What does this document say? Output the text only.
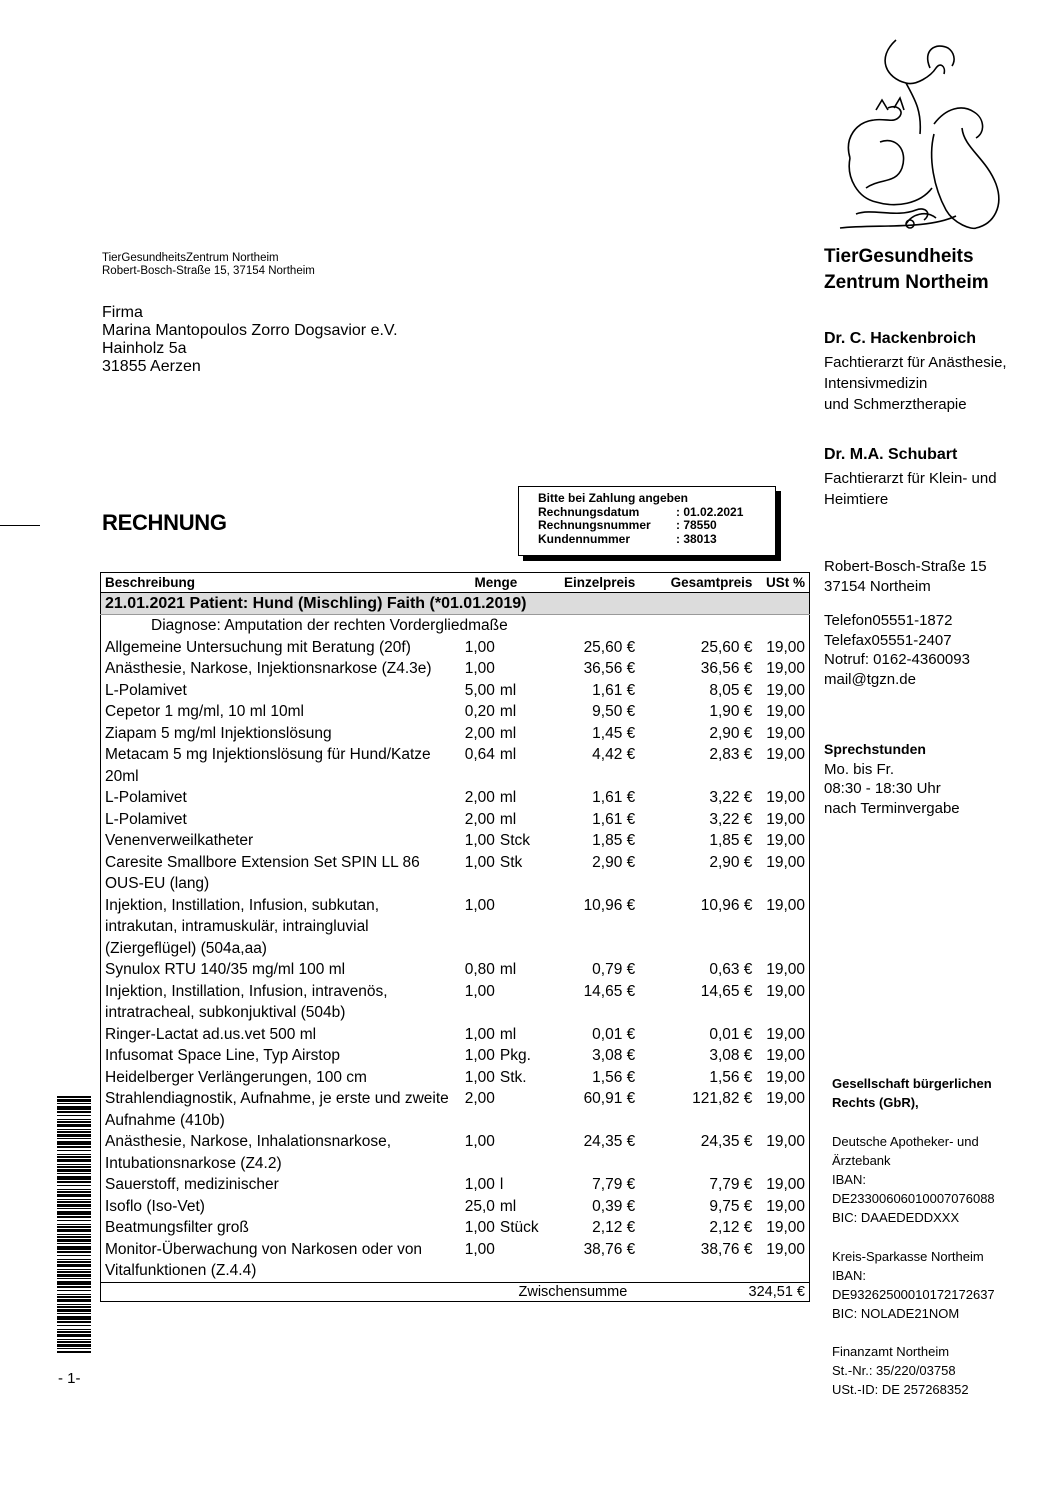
TierGesundheitsZentrum Northeim
Robert-Bosch-Straße 15, 37154 Northeim
Firma
Marina Mantopoulos Zorro Dogsavior e.V.
Hainholz 5a
31855 Aerzen
RECHNUNG
Bitte bei Zahlung angeben
Rechnungsdatum	: 01.02.2021
Rechnungsnummer	: 78550
Kundennummer	: 38013
TierGesundheits
Zentrum Northeim
Dr. C. Hackenbroich
Fachtierarzt für Anästhesie,
Intensivmedizin
und Schmerztherapie
Dr. M.A. Schubart
Fachtierarzt für Klein- und
Heimtiere
Robert-Bosch-Straße 15
37154 Northeim
Telefon05551-1872
Telefax05551-2407
Notruf: 0162-4360093
mail@tgzn.de
Sprechstunden
Mo. bis Fr.
08:30 - 18:30 Uhr
nach Terminvergabe
Gesellschaft bürgerlichen
Rechts (GbR),
Deutsche Apotheker- und
Ärztebank
IBAN:
DE23300606010007076088
BIC: DAAEDEDDXXX
Kreis-Sparkasse Northeim
IBAN:
DE93262500010172172637
BIC: NOLADE21NOM
Finanzamt Northeim
St.-Nr.: 35/220/03758
USt.-ID: DE 257268352
Beschreibung	Menge		Einzelpreis	Gesamtpreis	USt %
21.01.2021 Patient: Hund (Mischling) Faith (*01.01.2019)					
Diagnose: Amputation der rechten Vordergliedmaße					
Allgemeine Untersuchung mit Beratung (20f)	1,00		25,60 €	25,60 €	19,00
Anästhesie, Narkose, Injektionsnarkose (Z4.3e)	1,00		36,56 €	36,56 €	19,00
L-Polamivet	5,00	ml	1,61 €	8,05 €	19,00
Cepetor 1 mg/ml, 10 ml 10ml	0,20	ml	9,50 €	1,90 €	19,00
Ziapam 5 mg/ml Injektionslösung	2,00	ml	1,45 €	2,90 €	19,00
Metacam 5 mg Injektionslösung für Hund/Katze 20ml	0,64	ml	4,42 €	2,83 €	19,00
L-Polamivet	2,00	ml	1,61 €	3,22 €	19,00
L-Polamivet	2,00	ml	1,61 €	3,22 €	19,00
Venenverweilkatheter	1,00	Stck	1,85 €	1,85 €	19,00
Caresite Smallbore Extension Set SPIN LL 86 OUS-EU (lang)	1,00	Stk	2,90 €	2,90 €	19,00
Injektion, Instillation, Infusion, subkutan, intrakutan, intramuskulär, intraingluvial (Ziergeflügel) (504a,aa)	1,00		10,96 €	10,96 €	19,00
Synulox RTU 140/35 mg/ml 100 ml	0,80	ml	0,79 €	0,63 €	19,00
Injektion, Instillation, Infusion, intravenös, intratracheal, subkonjuktival (504b)	1,00		14,65 €	14,65 €	19,00
Ringer-Lactat ad.us.vet 500 ml	1,00	ml	0,01 €	0,01 €	19,00
Infusomat Space Line, Typ Airstop	1,00	Pkg.	3,08 €	3,08 €	19,00
Heidelberger Verlängerungen, 100 cm	1,00	Stk.	1,56 €	1,56 €	19,00
Strahlendiagnostik, Aufnahme, je erste und zweite Aufnahme (410b)	2,00		60,91 €	121,82 €	19,00
Anästhesie, Narkose, Inhalationsnarkose, Intubationsnarkose (Z4.2)	1,00		24,35 €	24,35 €	19,00
Sauerstoff, medizinischer	1,00	l	7,79 €	7,79 €	19,00
Isoflo (Iso-Vet)	25,0	ml	0,39 €	9,75 €	19,00
Beatmungsfilter groß	1,00	Stück	2,12 €	2,12 €	19,00
Monitor-Überwachung von Narkosen oder von Vitalfunktionen (Z.4.4)	1,00		38,76 €	38,76 €	19,00
Zwischensumme				324,51 €	
- 1-
